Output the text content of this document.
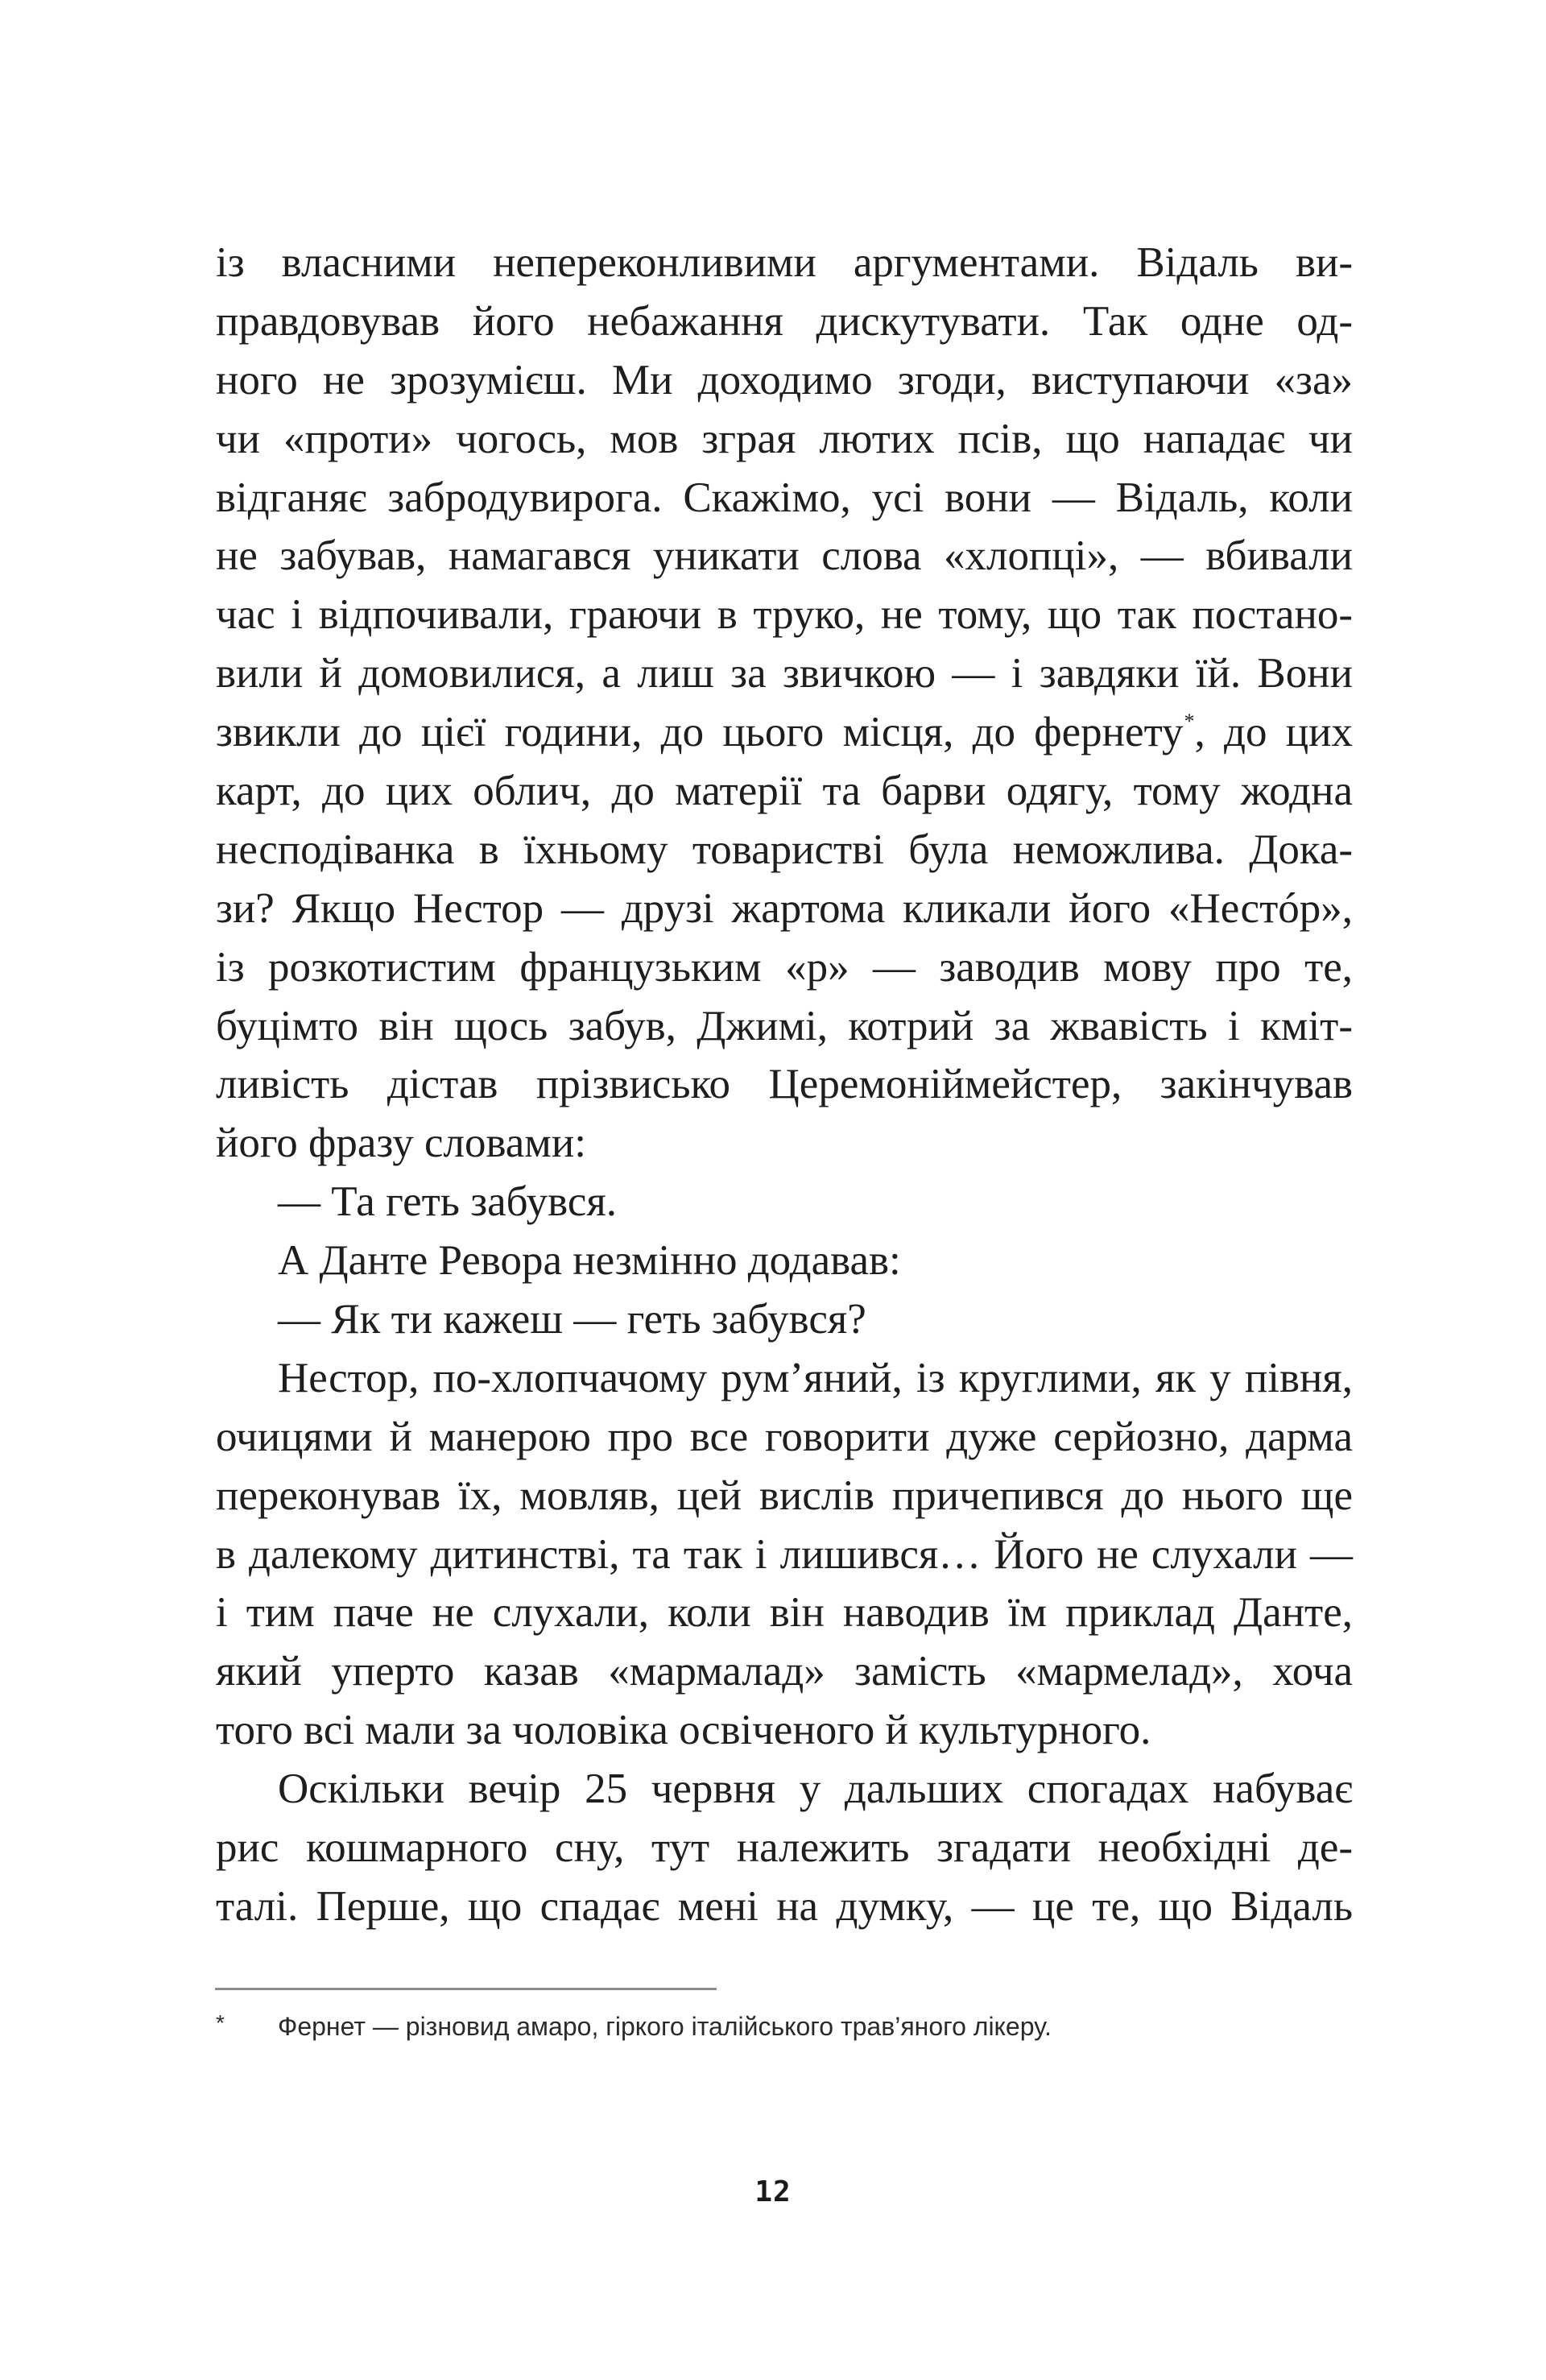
із власними непереконливими аргументами. Відаль ви-
правдовував його небажання дискутувати. Так одне од-
ного не зрозумієш. Ми доходимо згоди, виступаючи «за»
чи «проти» чогось, мов зграя лютих псів, що нападає чи
відганяє забродувирога. Скажімо, усі вони — Відаль, коли
не забував, намагався уникати слова «хлопці», — вбивали
час і відпочивали, граючи в труко, не тому, що так постано-
вили й домовилися, а лиш за звичкою — і завдяки їй. Вони
звикли до цієї години, до цього місця, до фернету*, до цих
карт, до цих облич, до матерії та барви одягу, тому жодна
несподіванка в їхньому товаристві була неможлива. Дока-
зи? Якщо Нестор — друзі жартома кликали його «Нестóр»,
із розкотистим французьким «р» — заводив мову про те,
буцімто він щось забув, Джимі, котрий за жвавість і кміт-
ливість дістав прізвисько Церемоніймейстер, закінчував
його фразу словами:
— Та геть забувся.
А Данте Ревора незмінно додавав:
— Як ти кажеш — геть забувся?
Нестор, по-хлопчачому рум’яний, із круглими, як у півня,
очицями й манерою про все говорити дуже серйозно, дарма
переконував їх, мовляв, цей вислів причепився до нього ще
в далекому дитинстві, та так і лишився… Його не слухали —
і тим паче не слухали, коли він наводив їм приклад Данте,
який уперто казав «мармалад» замість «мармелад», хоча
того всі мали за чоловіка освіченого й культурного.
Оскільки вечір 25 червня у дальших спогадах набуває
рис кошмарного сну, тут належить згадати необхідні де-
талі. Перше, що спадає мені на думку, — це те, що Відаль
*	Фернет — різновид амаро, гіркого італійського трав’яного лікеру.
12
